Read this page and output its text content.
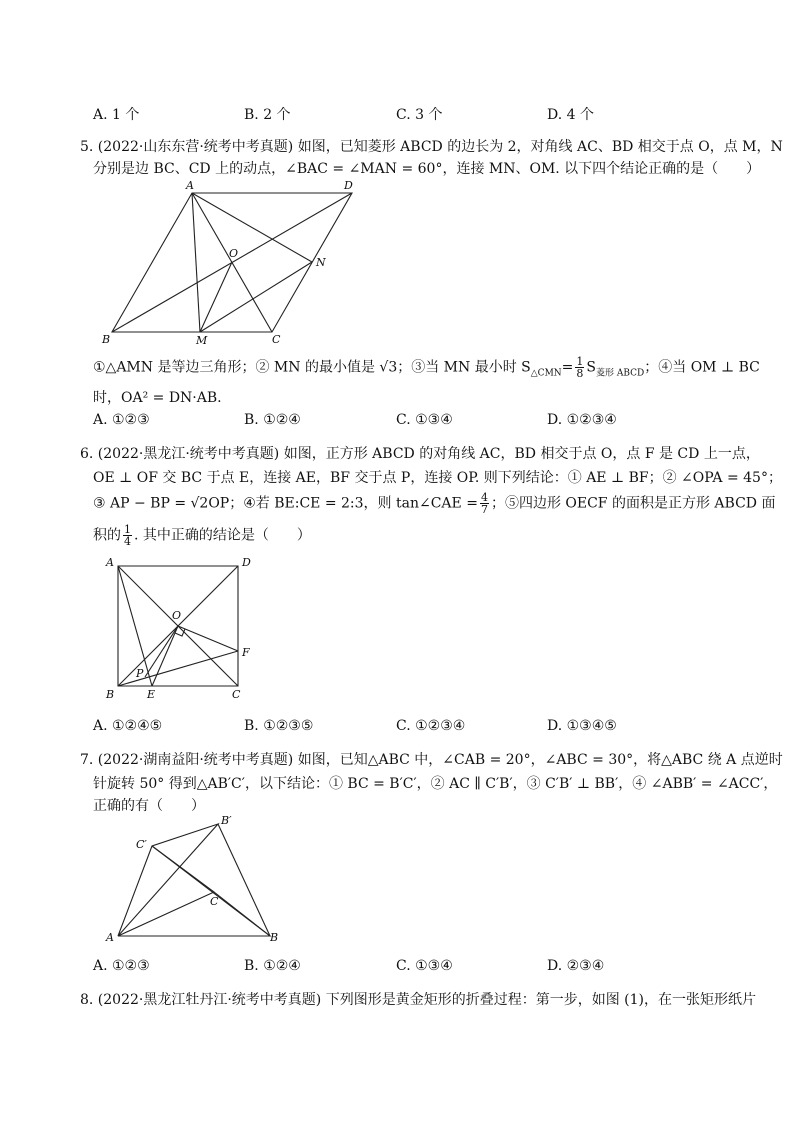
A. 1 个	B. 2 个	C. 3 个	D. 4 个
5. (2022·山东东营·统考中考真题) 如图，已知菱形 ABCD 的边长为 2，对角线 AC、BD 相交于点 O，点 M，N
分别是边 BC、CD 上的动点，∠BAC = ∠MAN = 60°，连接 MN、OM. 以下四个结论正确的是（　　）
A	D
O
N
B	M	C
①△AMN 是等边三角形；② MN 的最小值是 √3；③当 MN 最小时 $S_{\triangle CMN}= \frac{1}{8} S_{菱形 ABCD}$；④当 OM ⊥ BC
时，OA² = DN·AB.
A. ①②③	B. ①②④	C. ①③④	D. ①②③④
6. (2022·黑龙江·统考中考真题) 如图，正方形 ABCD 的对角线 AC，BD 相交于点 O，点 F 是 CD 上一点，
OE ⊥ OF 交 BC 于点 E，连接 AE，BF 交于点 P，连接 OP. 则下列结论：① AE ⊥ BF；② ∠OPA = 45°；
③ AP − BP = √2OP；④若 BE:CE = 2:3，则 tan∠CAE = $\frac{4}{7}$ ；⑤四边形 OECF 的面积是正方形 ABCD 面
积的 $\frac{1}{4}$ . 其中正确的结论是（　　）
A	D
O
F
P
B	E	C
A. ①②④⑤	B. ①②③⑤	C. ①②③④	D. ①③④⑤
7. (2022·湖南益阳·统考中考真题) 如图，已知△ABC 中，∠CAB = 20°，∠ABC = 30°，将△ABC 绕 A 点逆时
针旋转 50° 得到△AB′C′，以下结论：① BC = B′C′，② AC ∥ C′B′，③ C′B′ ⊥ BB′，④ ∠ABB′ = ∠ACC′，
正确的有（　　）
B′
C′
C
A	B
A. ①②③	B. ①②④	C. ①③④	D. ②③④
8. (2022·黑龙江牡丹江·统考中考真题) 下列图形是黄金矩形的折叠过程：第一步，如图 (1)，在一张矩形纸片
